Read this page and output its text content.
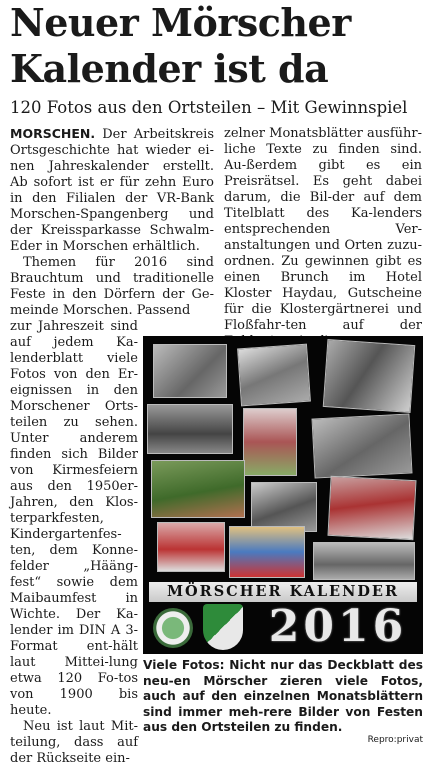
Neuer Mörscher
Kalender ist da
120 Fotos aus den Ortsteilen – Mit Gewinnspiel

MORSCHEN. Der Arbeitskreis Ortsgeschichte hat wieder ei-nen Jahreskalender erstellt. Ab sofort ist er für zehn Euro in den Filialen der VR-Bank Morschen-Spangenberg und der Kreissparkasse Schwalm-Eder in Morschen erhältlich.

Themen für 2016 sind Brauchtum und traditionelle Feste in den Dörfern der Ge-meinde Morschen. Passend

zur Jahreszeit sind auf jedem Ka-lenderblatt viele Fotos von den Er-eignissen in den Morschener Orts-teilen zu sehen. Unter anderem finden sich Bilder von Kirmesfeiern aus den 1950er-Jahren, den Klos-terparkfesten, Kindergartenfes-ten, dem Konne-felder „Hääng-fest“ sowie dem Maibaumfest in Wichte. Der Ka-lender im DIN A 3-Format ent-hält laut Mittei-lung etwa 120 Fo-tos von 1900 bis heute.

Neu ist laut Mit-teilung, dass auf der Rückseite ein-

zelner Monatsblätter ausführ-liche Texte zu finden sind. Au-ßerdem gibt es ein Preisrätsel. Es geht dabei darum, die Bil-der auf dem Titelblatt des Ka-lenders entsprechenden Ver-anstaltungen und Orten zuzu-ordnen. Zu gewinnen gibt es einen Brunch im Hotel Kloster Haydau, Gutscheine für die Klostergärtnerei und Floßfahr-ten auf der

MÖRSCHER KALENDER
2016
Viele Fotos: Nicht nur das Deckblatt des neu-en Mörscher zieren viele Fotos, auch auf den einzelnen Monatsblättern sind immer meh-rere Bilder von Festen aus den Ortsteilen zu finden.
Repro:privat
